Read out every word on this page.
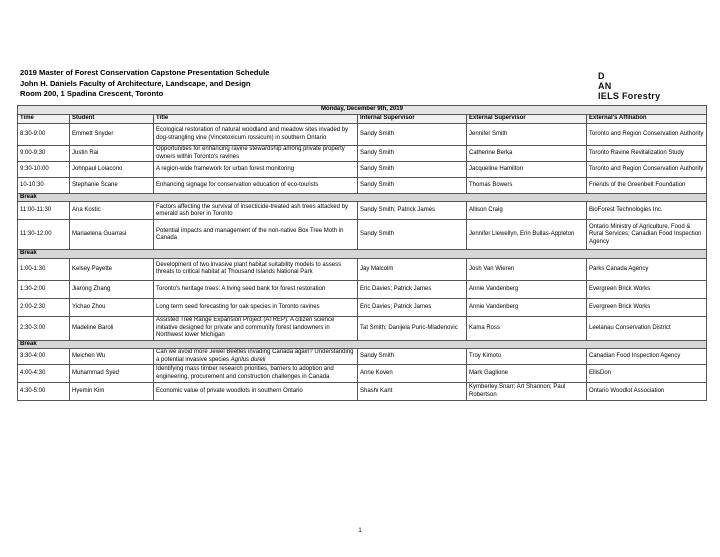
2019 Master of Forest Conservation Capstone Presentation Schedule
John H. Daniels Faculty of Architecture, Landscape, and Design
Room 200, 1 Spadina Crescent, Toronto
D
AN
IELS Forestry
Monday, December 9th, 2019					
Time	Student	Title	Internal Supervisor	External Supervisor	External's Affiliation
8:30-9:00	Emmett Snyder	Ecological restoration of natural woodland and meadow sites invaded by dog-strangling vine (Vincetoxicum rossicum) in southern Ontario	Sandy Smith	Jennifer Smith	Toronto and Region Conservation Authority
9:00-9:30	Justin Rai	Opportunities for enhancing ravine stewardship among private property owners within Toronto's ravines	Sandy Smith	Catherine Berka	Toronto Ravine Revitalization Study
9:30-10:00	Johnpaul Loiacono	A region-wide framework for urban forest monitoring	Sandy Smith	Jacqueline Hamilton	Toronto and Region Conservation Authority
10-10:30	Stephanie Scane	Enhancing signage for conservation education of eco-tourists	Sandy Smith	Thomas Bowers	Friends of the Greenbelt Foundation
Break					
11:00-11:30	Ana Kostic	Factors affecting the survival of insecticide-treated ash trees attacked by emerald ash borer in Toronto	Sandy Smith; Patrick James	Allison Craig	BioForest Technologies Inc.
11:30-12:00	Mariaelena Guarrasi	Potential impacts and management of the non-native Box Tree Moth in Canada	Sandy Smith	Jennifer Llewellyn, Erin Bullas-Appleton	Ontario Ministry of Agriculture, Food & Rural Services; Canadian Food Inspection Agency
Break					
1:00-1:30	Kelsey Payette	Development of two invasive plant habitat suitability models to assess threats to critical habitat at Thousand Islands National Park	Jay Malcolm	Josh Van Wieren	Parks Canada Agency
1:30-2:00	Jiarong Zhang	Toronto's heritage trees: A living seed bank for forest restoration	Eric Davies; Patrick James	Annie Vandenberg	Evergreen Brick Works
2:00-2:30	Yichao Zhou	Long term seed forecasting for oak species in Toronto ravines	Eric Davies; Patrick James	Annie Vandenberg	Evergreen Brick Works
2:30-3:00	Madeline Baroli	Assisted Tree Range Expansion Project (ATREP): A citizen science initiative designed for private and community forest landowners in Northwest lower Michigan	Tat Smith; Danijela Puric-Mladenovic	Kama Ross	Leelanau Conservation District
Break					
3:30-4:00	Meichen Wu	Can we avoid more Jewel Beetles invading Canada again? Understanding a potential invasive species Agrilus dureli	Sandy Smith	Troy Kimoto	Canadian Food Inspection Agency
4:00-4:30	Muhammad Syed	Identifying mass timber research priorities, barriers to adoption and engineering, procurement and construction challenges in Canada	Anne Koven	Mark Gaglione	EllisDon
4:30-5:00	Hyemin Kim	Economic value of private woodlots in southern Ontario	Shashi Kant	Kymberley Snarr; Art Shannon; Paul Robertson	Ontario Woodlot Association
1
